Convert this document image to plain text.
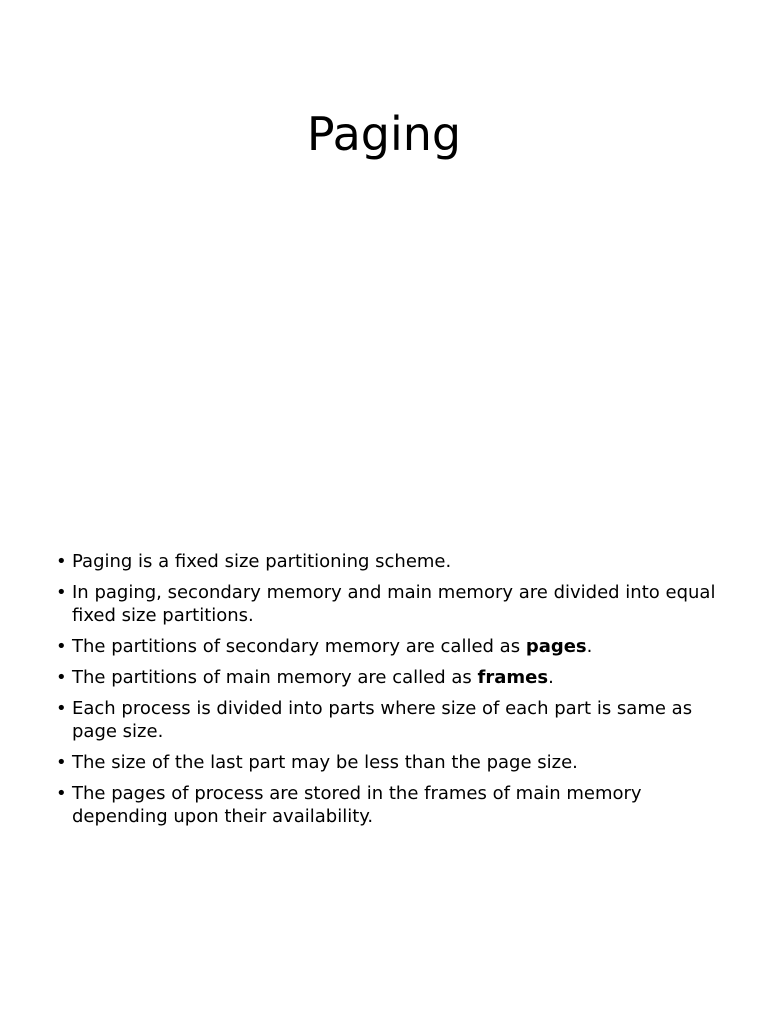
Paging
• Paging is a fixed size partitioning scheme.
• In paging, secondary memory and main memory are divided into equal fixed size partitions.
• The partitions of secondary memory are called as pages.
• The partitions of main memory are called as frames.
• Each process is divided into parts where size of each part is same as page size.
• The size of the last part may be less than the page size.
• The pages of process are stored in the frames of main memory depending upon their availability.
